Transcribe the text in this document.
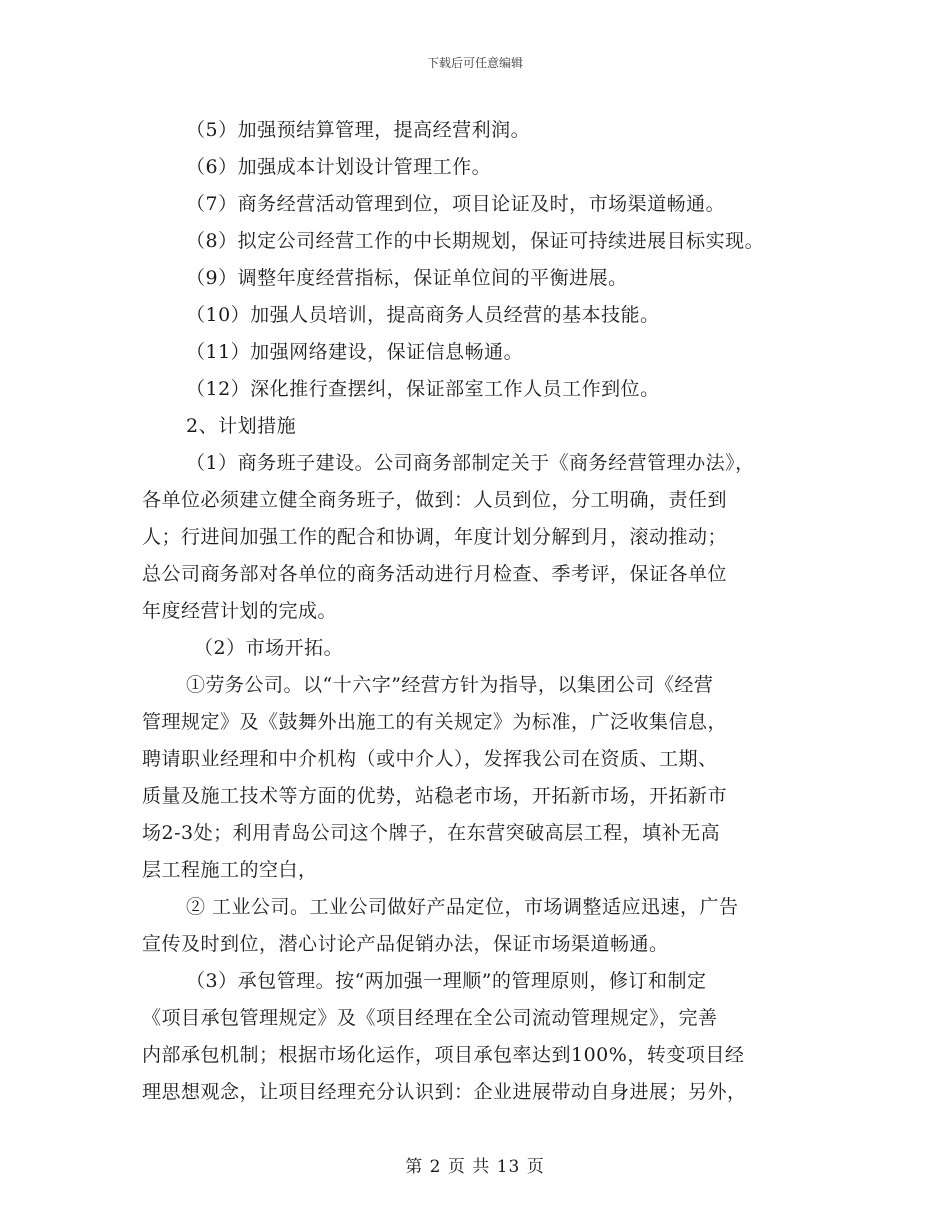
下载后可任意编辑
（5）加强预结算管理，提高经营利润。
（6）加强成本计划设计管理工作。
（7）商务经营活动管理到位，项目论证及时，市场渠道畅通。
（8）拟定公司经营工作的中长期规划，保证可持续进展目标实现。
（9）调整年度经营指标，保证单位间的平衡进展。
（10）加强人员培训，提高商务人员经营的基本技能。
（11）加强网络建设，保证信息畅通。
（12）深化推行查摆纠，保证部室工作人员工作到位。
2、计划措施
（1）商务班子建设。公司商务部制定关于《商务经营管理办法》，
各单位必须建立健全商务班子，做到：人员到位，分工明确，责任到
人；行进间加强工作的配合和协调，年度计划分解到月，滚动推动；
总公司商务部对各单位的商务活动进行月检查、季考评，保证各单位
年度经营计划的完成。
（2）市场开拓。
①劳务公司。以“十六字”经营方针为指导，以集团公司《经营
管理规定》及《鼓舞外出施工的有关规定》为标准，广泛收集信息，
聘请职业经理和中介机构（或中介人），发挥我公司在资质、工期、
质量及施工技术等方面的优势，站稳老市场，开拓新市场，开拓新市
场2-3处；利用青岛公司这个牌子，在东营突破高层工程，填补无高
层工程施工的空白，
② 工业公司。工业公司做好产品定位，市场调整适应迅速，广告
宣传及时到位，潜心讨论产品促销办法，保证市场渠道畅通。
（3）承包管理。按“两加强一理顺”的管理原则，修订和制定
《项目承包管理规定》及《项目经理在全公司流动管理规定》，完善
内部承包机制；根据市场化运作，项目承包率达到100%，转变项目经
理思想观念，让项目经理充分认识到：企业进展带动自身进展；另外，
第 2 页 共 13 页
